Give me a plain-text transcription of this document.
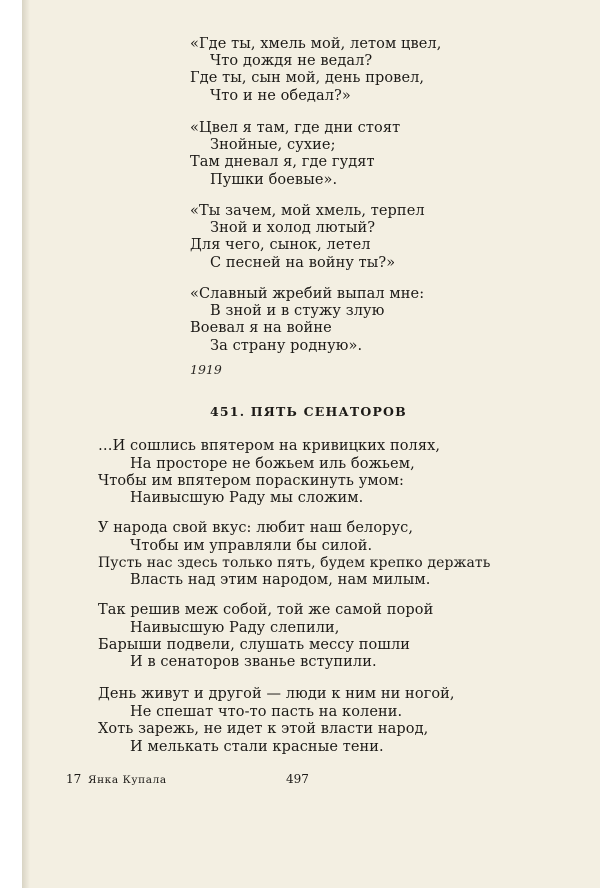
«Где ты, хмель мой, летом цвел,
Что дождя не ведал?
Где ты, сын мой, день провел,
Что и не обедал?»
«Цвел я там, где дни стоят
Знойные, сухие;
Там дневал я, где гудят
Пушки боевые».
«Ты зачем, мой хмель, терпел
Зной и холод лютый?
Для чего, сынок, летел
С песней на войну ты?»
«Славный жребий выпал мне:
В зной и в стужу злую
Воевал я на войне
За страну родную».
1919
451. ПЯТЬ СЕНАТОРОВ
…И сошлись впятером на кривицких полях,
На просторе не божьем иль божьем,
Чтобы им впятером пораскинуть умом:
Наивысшую Раду мы сложим.
У народа свой вкус: любит наш белорус,
Чтобы им управляли бы силой.
Пусть нас здесь только пять, будем крепко держать
Власть над этим народом, нам милым.
Так решив меж собой, той же самой порой
Наивысшую Раду слепили,
Барыши подвели, слушать мессу пошли
И в сенаторов званье вступили.
День живут и другой — люди к ним ни ногой,
Не спешат что-то пасть на колени.
Хоть зарежь, не идет к этой власти народ,
И мелькать стали красные тени.
17 Янка Купала	497
